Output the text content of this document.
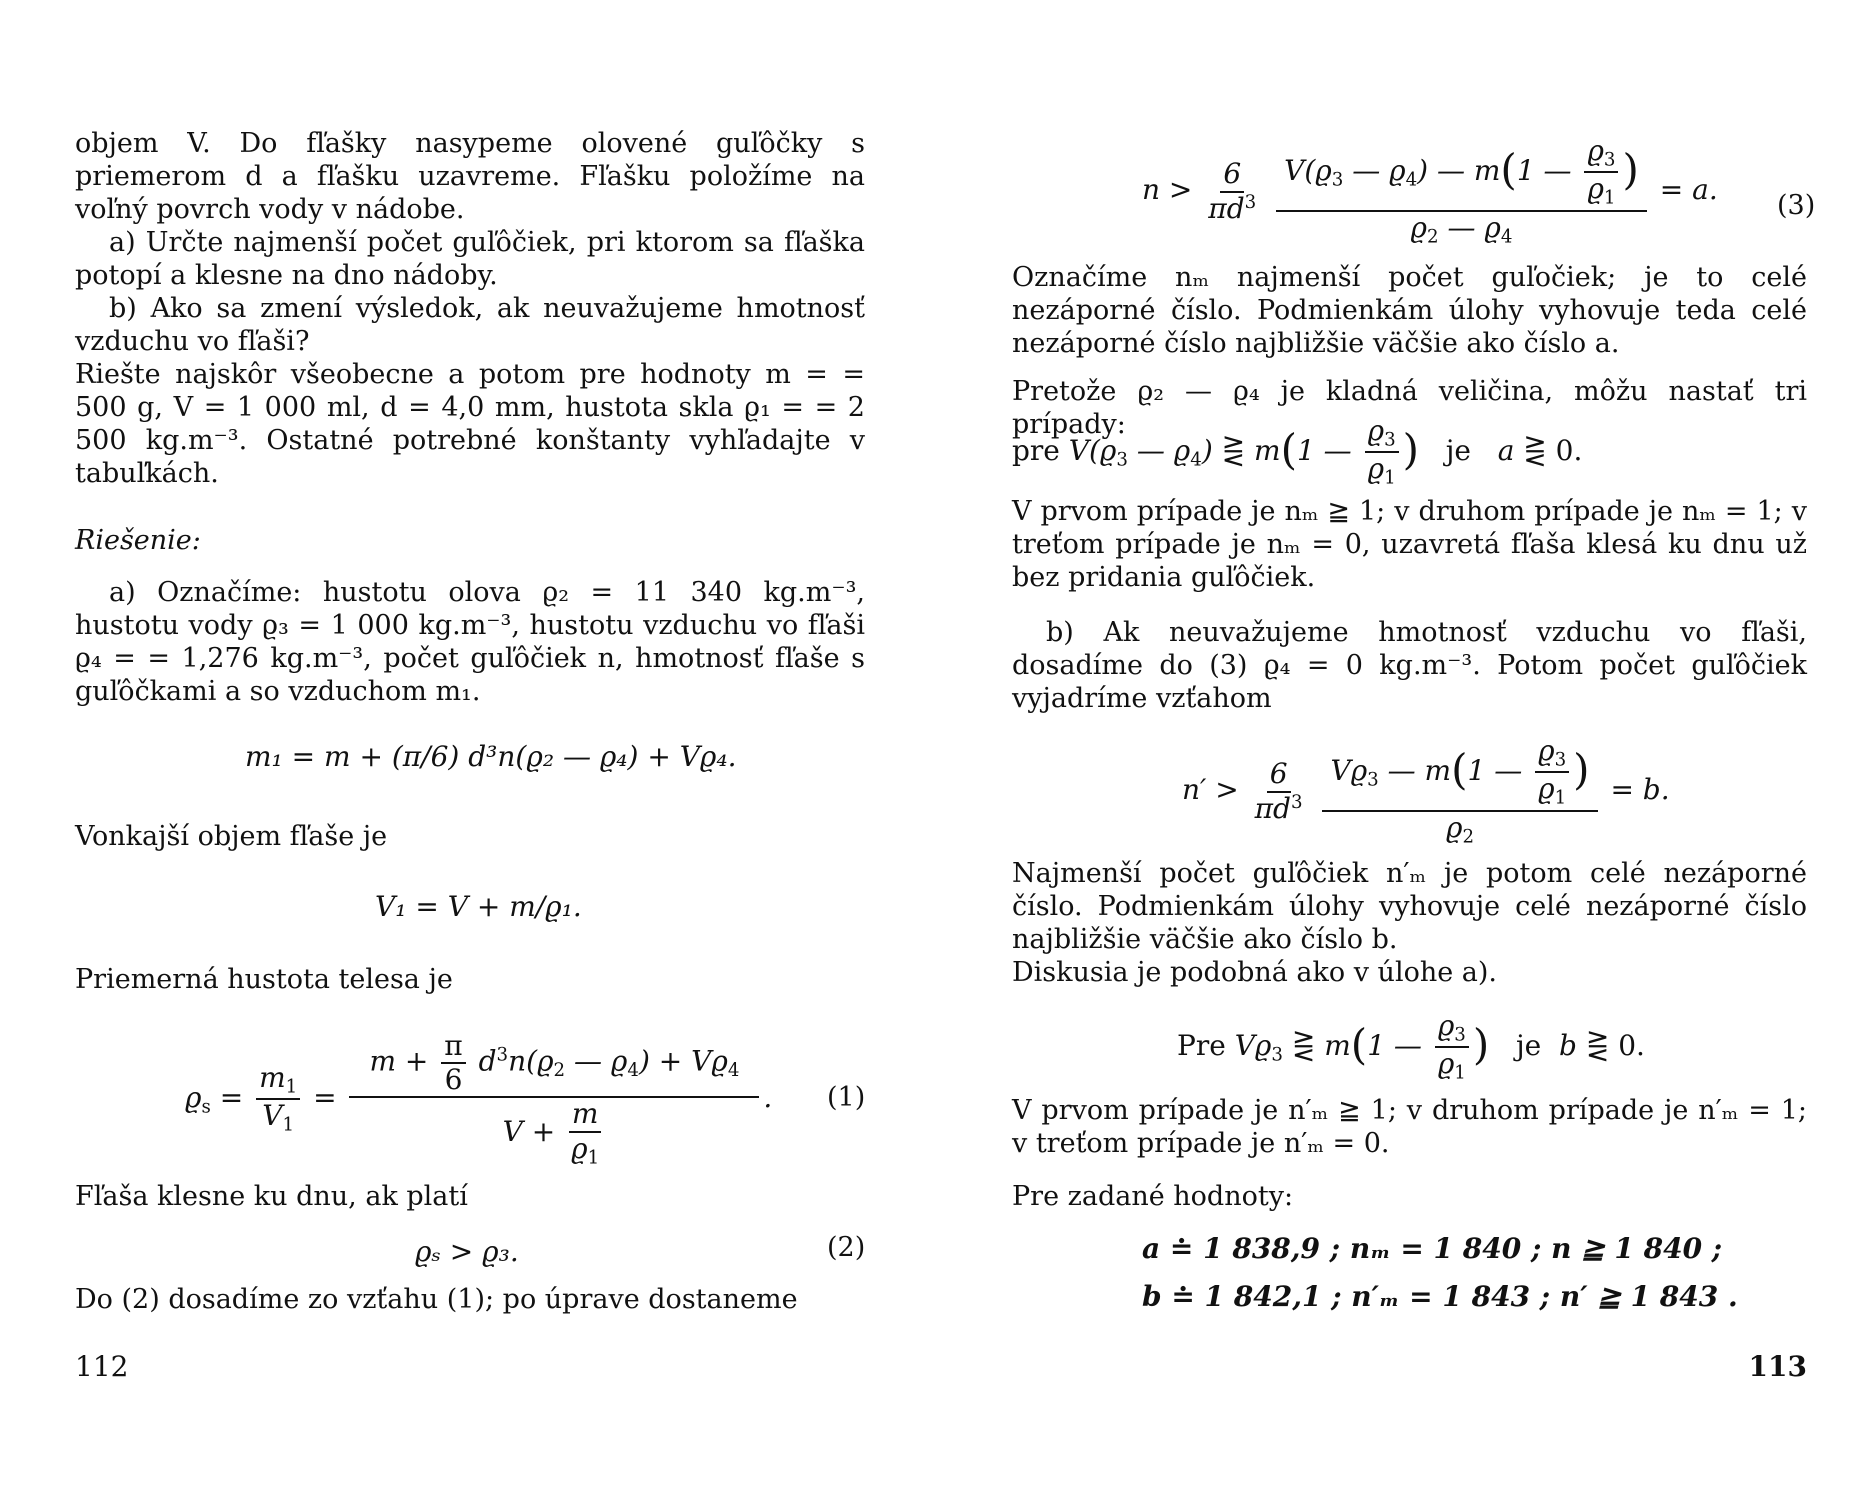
objem V. Do fľašky nasypeme olovené guľôčky s priemerom d a fľašku uzavreme. Fľašku položíme na voľný povrch vody v nádobe.

a) Určte najmenší počet guľôčiek, pri ktorom sa fľaška potopí a klesne na dno nádoby.

b) Ako sa zmení výsledok, ak neuvažujeme hmotnosť vzduchu vo fľaši?

Riešte najskôr všeobecne a potom pre hodnoty m = = 500 g, V = 1 000 ml, d = 4,0 mm, hustota skla ϱ₁ = = 2 500 kg.m⁻³. Ostatné potrebné konštanty vyhľadajte v tabuľkách.

Riešenie:
a) Označíme: hustotu olova ϱ₂ = 11 340 kg.m⁻³, hustotu vody ϱ₃ = 1 000 kg.m⁻³, hustotu vzduchu vo fľaši ϱ₄ = = 1,276 kg.m⁻³, počet guľôčiek n, hmotnosť fľaše s guľôčkami a so vzduchom m₁.
m₁ = m + (π/6) d³n(ϱ₂ — ϱ₄) + Vϱ₄.
Vonkajší objem fľaše je
V₁ = V + m/ϱ₁.
Priemerná hustota telesa je
$ϱ_s = \frac{m_1}{V_1} = \frac{m + \frac{\pi}{6} d^3n(ϱ_2 — ϱ_4) + Vϱ_4}{V + \frac{m}{ϱ_1}}$ . (1)
Fľaša klesne ku dnu, ak platí
ϱₛ > ϱ₃.	(2)
Do (2) dosadíme zo vzťahu (1); po úprave dostaneme
112
$n > \frac{6}{\pi d^3}$
$\frac{V(ϱ_3 — ϱ_4) — m(1 — \frac{ϱ_3}{ϱ_1} )}{ϱ_2 — ϱ_4} = a$. (3)
Označíme nₘ najmenší počet guľočiek; je to celé nezáporné číslo. Podmienkám úlohy vyhovuje teda celé nezáporné číslo najbližšie väčšie ako číslo a.
Pretože ϱ₂ — ϱ₄ je kladná veličina, môžu nastať tri prípady:
pre $V(ϱ_3$ — $ϱ_4$) ⋛ m(1 — $\frac{ϱ_3}{ϱ_1}$ ) je   a ⋛ 0.
V prvom prípade je nₘ ≧ 1; v druhom prípade je nₘ = 1; v treťom prípade je nₘ = 0, uzavretá fľaša klesá ku dnu už bez pridania guľôčiek.
b) Ak neuvažujeme hmotnosť vzduchu vo fľaši, dosadíme do (3) ϱ₄ = 0 kg.m⁻³. Potom počet guľôčiek vyjadríme vzťahom
$n' > \frac{6}{\pi d^3}$
$\frac{Vϱ_3 — m(1 — \frac{ϱ_3}{ϱ_1} )}{ϱ_2} = b$.
Najmenší počet guľôčiek n′ₘ je potom celé nezáporné číslo. Podmienkám úlohy vyhovuje celé nezáporné číslo najbližšie väčšie ako číslo b.
Diskusia je podobná ako v úlohe a).
Pre $Vϱ_3$ ⋛ m(1 — $\frac{ϱ_3}{ϱ_1}$ ) je  b ⋛ 0.
V prvom prípade je n′ₘ ≧ 1; v druhom prípade je n′ₘ = 1; v treťom prípade je n′ₘ = 0.
Pre zadané hodnoty:
a ≐ 1 838,9 ; nₘ = 1 840 ; n ≧ 1 840 ;
b ≐ 1 842,1 ; n′ₘ = 1 843 ; n′ ≧ 1 843 .
113
